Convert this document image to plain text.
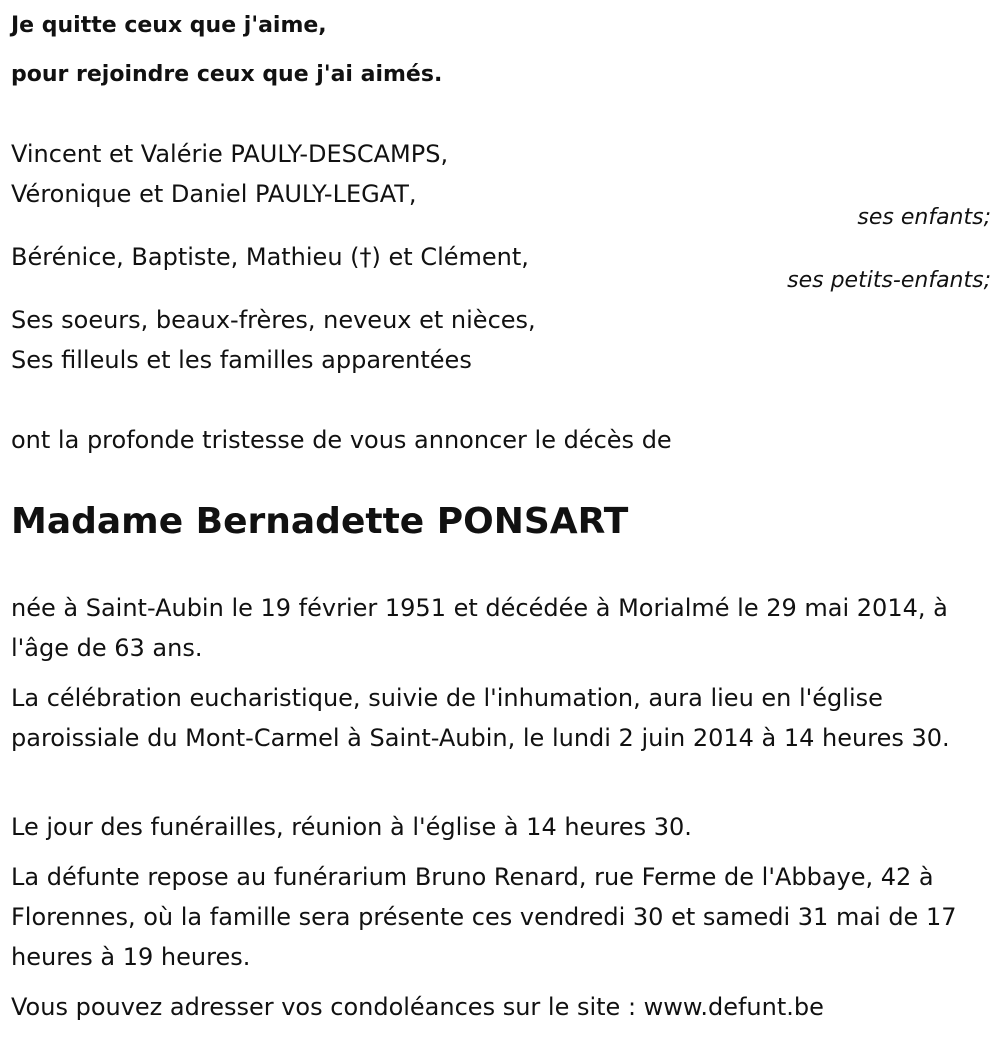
Je quitte ceux que j'aime,
pour rejoindre ceux que j'ai aimés.
Vincent et Valérie PAULY-DESCAMPS,
Véronique et Daniel PAULY-LEGAT,
ses enfants;
Bérénice, Baptiste, Mathieu (†) et Clément,
ses petits-enfants;
Ses soeurs, beaux-frères, neveux et nièces,
Ses filleuls et les familles apparentées
ont la profonde tristesse de vous annoncer le décès de
Madame Bernadette PONSART
née à Saint-Aubin le 19 février 1951 et décédée à Morialmé le 29 mai 2014, à l'âge de 63 ans.
La célébration eucharistique, suivie de l'inhumation, aura lieu en l'église paroissiale du Mont-Carmel à Saint-Aubin, le lundi 2 juin 2014 à 14 heures 30.
Le jour des funérailles, réunion à l'église à 14 heures 30.
La défunte repose au funérarium Bruno Renard, rue Ferme de l'Abbaye, 42 à Florennes, où la famille sera présente ces vendredi 30 et samedi 31 mai de 17 heures à 19 heures.
Vous pouvez adresser vos condoléances sur le site : www.defunt.be
